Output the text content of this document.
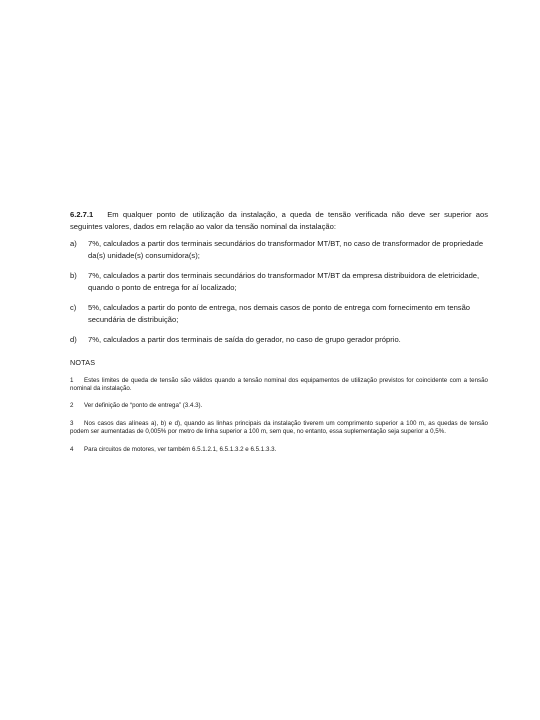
6.2.7.1 Em qualquer ponto de utilização da instalação, a queda de tensão verificada não deve ser superior aos seguintes valores, dados em relação ao valor da tensão nominal da instalação:

a)	7%, calculados a partir dos terminais secundários do transformador MT/BT, no caso de transformador de propriedade da(s) unidade(s) consumidora(s);
b)	7%, calculados a partir dos terminais secundários do transformador MT/BT da empresa distribuidora de eletricidade, quando o ponto de entrega for aí localizado;
c)	5%, calculados a partir do ponto de entrega, nos demais casos de ponto de entrega com fornecimento em tensão secundária de distribuição;
d)	7%, calculados a partir dos terminais de saída do gerador, no caso de grupo gerador próprio.
NOTAS

1 Estes limites de queda de tensão são válidos quando a tensão nominal dos equipamentos de utilização previstos for coincidente com a tensão nominal da instalação.

2 Ver definição de “ponto de entrega” (3.4.3).

3 Nos casos das alíneas a), b) e d), quando as linhas principais da instalação tiverem um comprimento superior a 100 m, as quedas de tensão podem ser aumentadas de 0,005% por metro de linha superior a 100 m, sem que, no entanto, essa suplementação seja superior a 0,5%.

4 Para circuitos de motores, ver também 6.5.1.2.1, 6.5.1.3.2 e 6.5.1.3.3.
